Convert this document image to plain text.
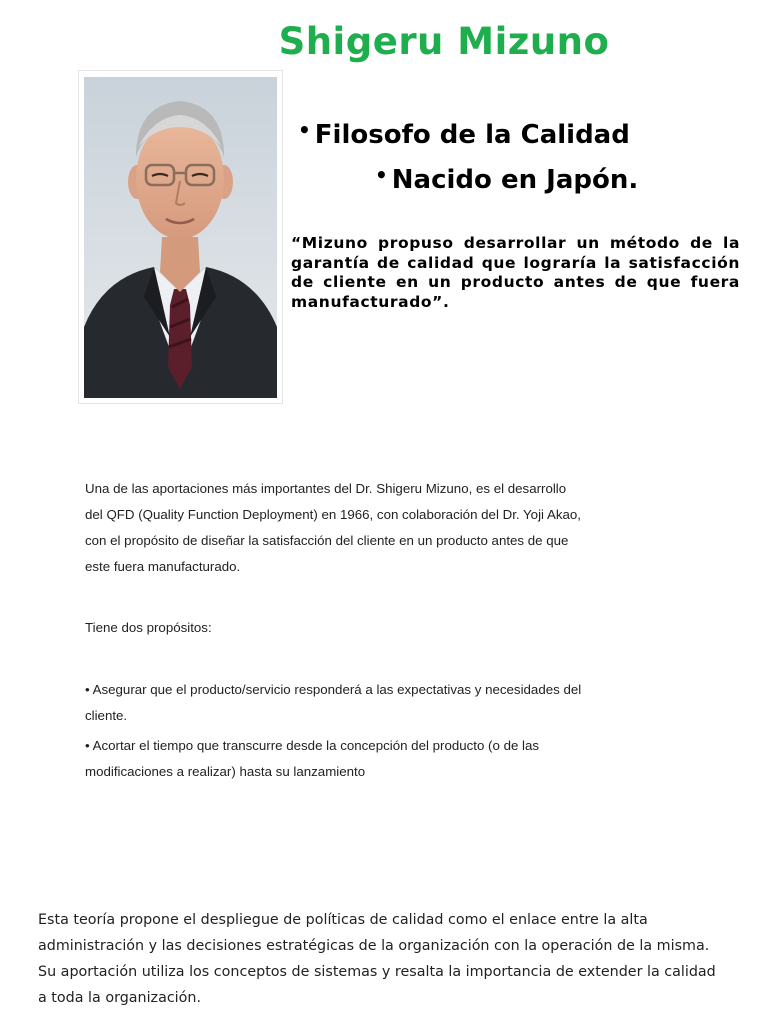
Shigeru Mizuno
• Filosofo de la Calidad
• Nacido en Japón.
“Mizuno propuso desarrollar un método de la garantía de calidad que lograría la satisfacción de cliente en un producto antes de que fuera manufacturado”.
Una de las aportaciones más importantes del Dr. Shigeru Mizuno, es el desarrollo del QFD (Quality Function Deployment) en 1966, con colaboración del Dr. Yoji Akao, con el propósito de diseñar la satisfacción del cliente en un producto antes de que este fuera manufacturado.
Tiene dos propósitos:
• Asegurar que el producto/servicio responderá a las expectativas y necesidades del cliente.
• Acortar el tiempo que transcurre desde la concepción del producto (o de las modificaciones a realizar) hasta su lanzamiento
Esta teoría propone el despliegue de políticas de calidad como el enlace entre la alta administración y las decisiones estratégicas de la organización con la operación de la misma. Su aportación utiliza los conceptos de sistemas y resalta la importancia de extender la calidad a toda la organización.
